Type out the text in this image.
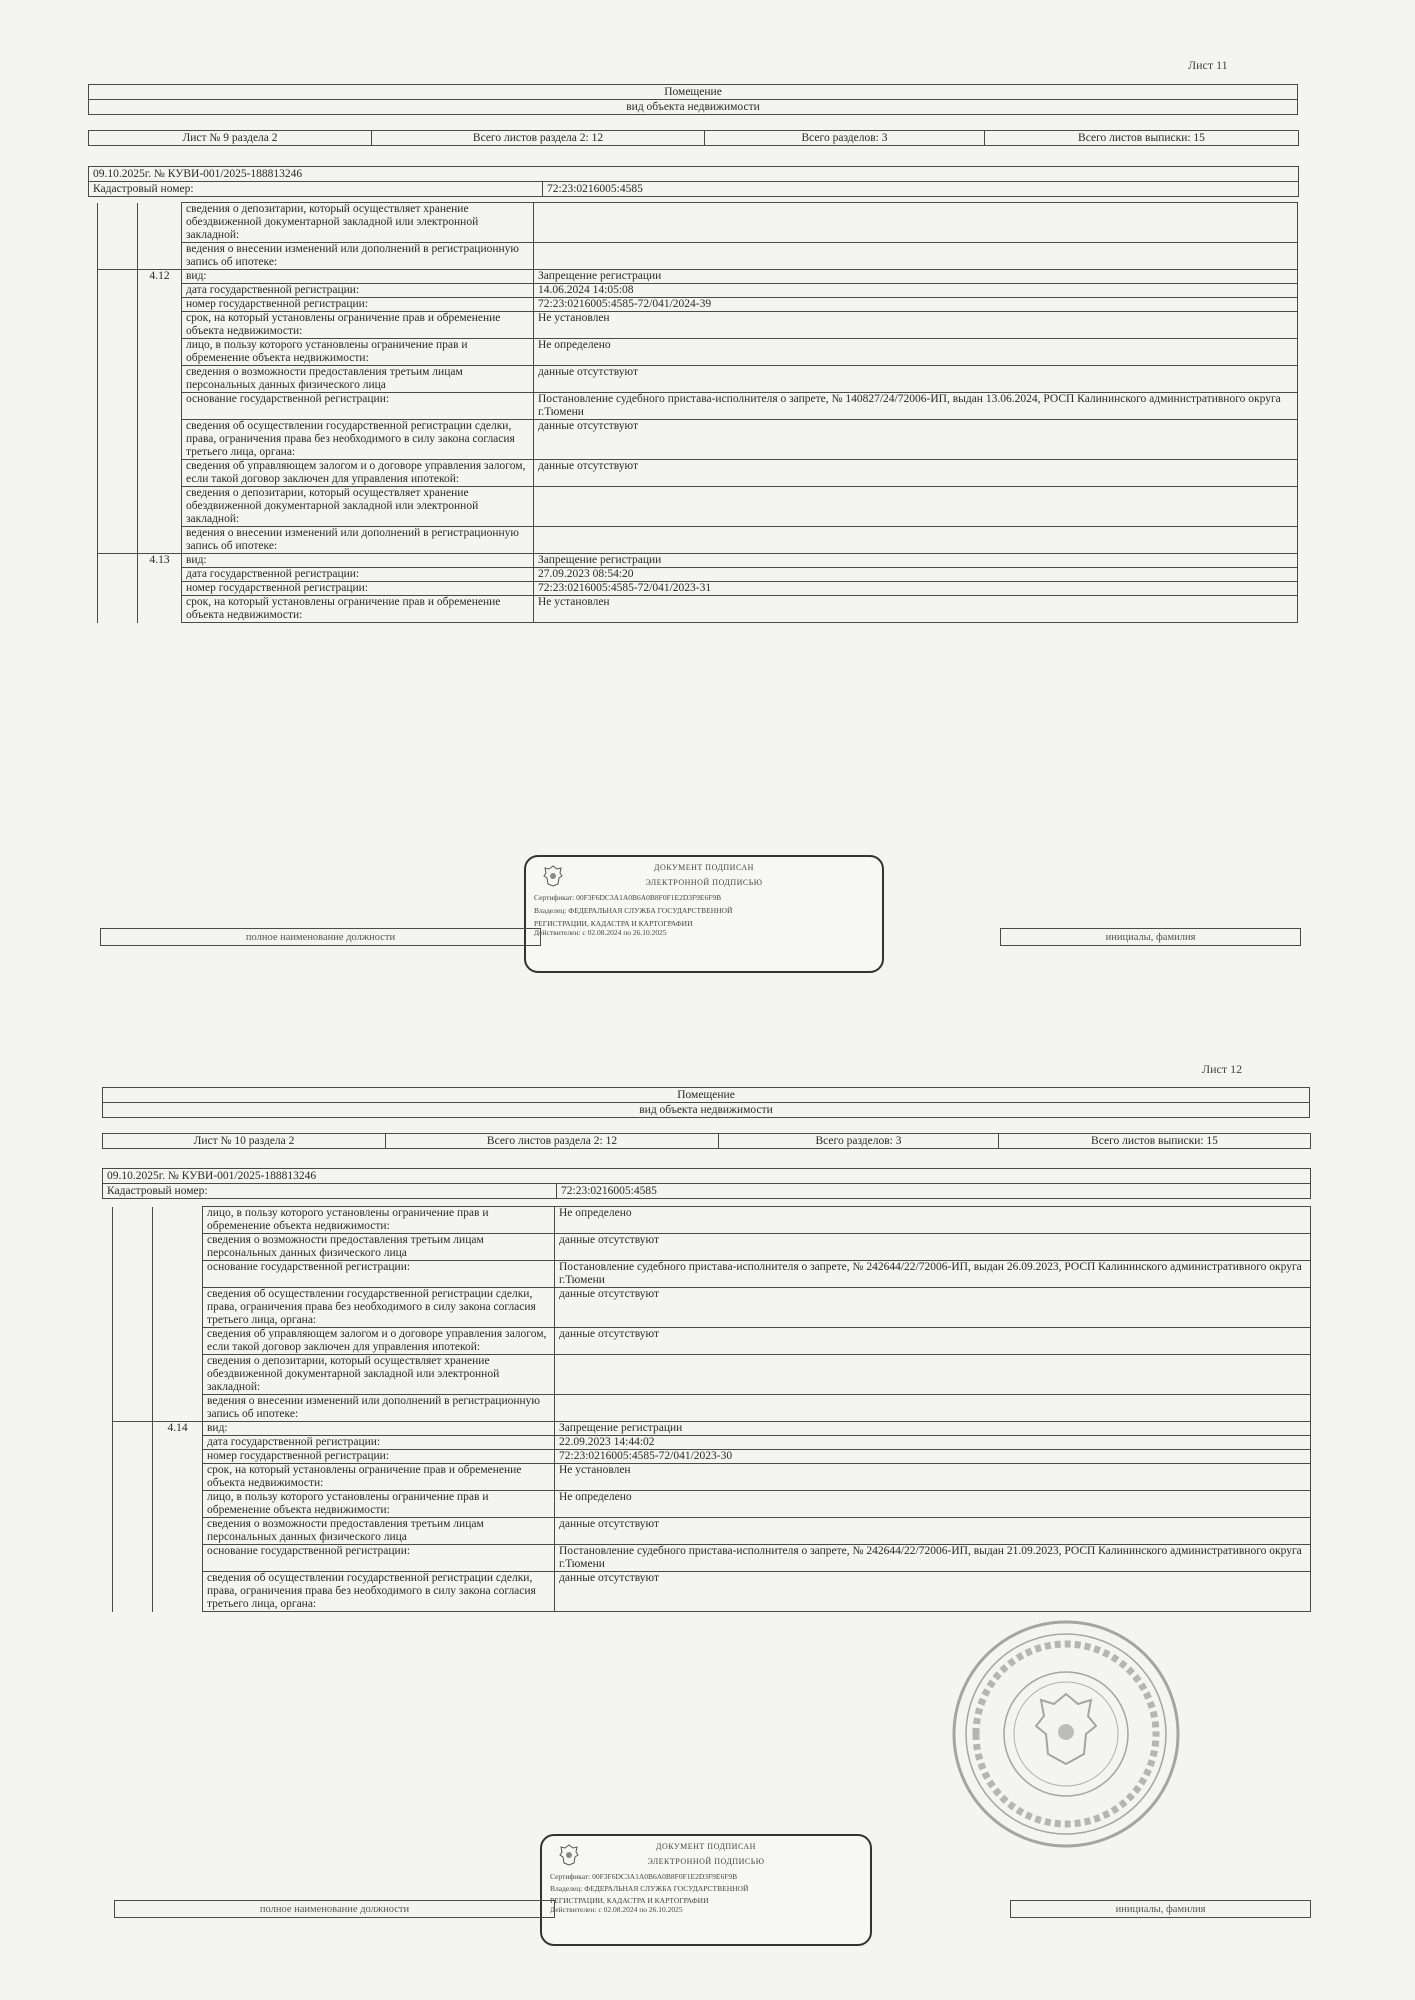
Лист 11
Помещение
вид объекта недвижимости
Лист № 9 раздела 2	Всего листов раздела 2: 12	Всего разделов: 3	Всего листов выписки: 15
09.10.2025г. № КУВИ-001/2025-188813246
Кадастровый номер:	72:23:0216005:4585
		сведения о депозитарии, который осуществляет хранение обездвиженной документарной закладной или электронной закладной:	
		ведения о внесении изменений или дополнений в регистрационную запись об ипотеке:	
	4.12	вид:	Запрещение регистрации
		дата государственной регистрации:	14.06.2024 14:05:08
		номер государственной регистрации:	72:23:0216005:4585-72/041/2024-39
		срок, на который установлены ограничение прав и обременение объекта недвижимости:	Не установлен
		лицо, в пользу которого установлены ограничение прав и обременение объекта недвижимости:	Не определено
		сведения о возможности предоставления третьим лицам персональных данных физического лица	данные отсутствуют
		основание государственной регистрации:	Постановление судебного пристава-исполнителя о запрете, № 140827/24/72006-ИП, выдан 13.06.2024, РОСП Калининского административного округа г.Тюмени
		сведения об осуществлении государственной регистрации сделки, права, ограничения права без необходимого в силу закона согласия третьего лица, органа:	данные отсутствуют
		сведения об управляющем залогом и о договоре управления залогом, если такой договор заключен для управления ипотекой:	данные отсутствуют
		сведения о депозитарии, который осуществляет хранение обездвиженной документарной закладной или электронной закладной:	
		ведения о внесении изменений или дополнений в регистрационную запись об ипотеке:	
	4.13	вид:	Запрещение регистрации
		дата государственной регистрации:	27.09.2023 08:54:20
		номер государственной регистрации:	72:23:0216005:4585-72/041/2023-31
		срок, на который установлены ограничение прав и обременение объекта недвижимости:	Не установлен
ДОКУМЕНТ ПОДПИСАН
ЭЛЕКТРОННОЙ ПОДПИСЬЮ
Сертификат: 00F3F6DC3A1A0B6A0B8F0F1E2D3F9E6F9B
Владелец: ФЕДЕРАЛЬНАЯ СЛУЖБА ГОСУДАРСТВЕННОЙ
РЕГИСТРАЦИИ, КАДАСТРА И КАРТОГРАФИИ
Действителен: с 02.08.2024 по 26.10.2025
полное наименование должности		инициалы, фамилия
Лист 12
Помещение
вид объекта недвижимости
Лист № 10 раздела 2	Всего листов раздела 2: 12	Всего разделов: 3	Всего листов выписки: 15
09.10.2025г. № КУВИ-001/2025-188813246
Кадастровый номер:	72:23:0216005:4585
		лицо, в пользу которого установлены ограничение прав и обременение объекта недвижимости:	Не определено
		сведения о возможности предоставления третьим лицам персональных данных физического лица	данные отсутствуют
		основание государственной регистрации:	Постановление судебного пристава-исполнителя о запрете, № 242644/22/72006-ИП, выдан 26.09.2023, РОСП Калининского административного округа г.Тюмени
		сведения об осуществлении государственной регистрации сделки, права, ограничения права без необходимого в силу закона согласия третьего лица, органа:	данные отсутствуют
		сведения об управляющем залогом и о договоре управления залогом, если такой договор заключен для управления ипотекой:	данные отсутствуют
		сведения о депозитарии, который осуществляет хранение обездвиженной документарной закладной или электронной закладной:	
		ведения о внесении изменений или дополнений в регистрационную запись об ипотеке:	
	4.14	вид:	Запрещение регистрации
		дата государственной регистрации:	22.09.2023 14:44:02
		номер государственной регистрации:	72:23:0216005:4585-72/041/2023-30
		срок, на который установлены ограничение прав и обременение объекта недвижимости:	Не установлен
		лицо, в пользу которого установлены ограничение прав и обременение объекта недвижимости:	Не определено
		сведения о возможности предоставления третьим лицам персональных данных физического лица	данные отсутствуют
		основание государственной регистрации:	Постановление судебного пристава-исполнителя о запрете, № 242644/22/72006-ИП, выдан 21.09.2023, РОСП Калининского административного округа г.Тюмени
		сведения об осуществлении государственной регистрации сделки, права, ограничения права без необходимого в силу закона согласия третьего лица, органа:	данные отсутствуют
ДОКУМЕНТ ПОДПИСАН
ЭЛЕКТРОННОЙ ПОДПИСЬЮ
Сертификат: 00F3F6DC3A1A0B6A0B8F0F1E2D3F9E6F9B
Владелец: ФЕДЕРАЛЬНАЯ СЛУЖБА ГОСУДАРСТВЕННОЙ
РЕГИСТРАЦИИ, КАДАСТРА И КАРТОГРАФИИ
Действителен: с 02.08.2024 по 26.10.2025
полное наименование должности		инициалы, фамилия
